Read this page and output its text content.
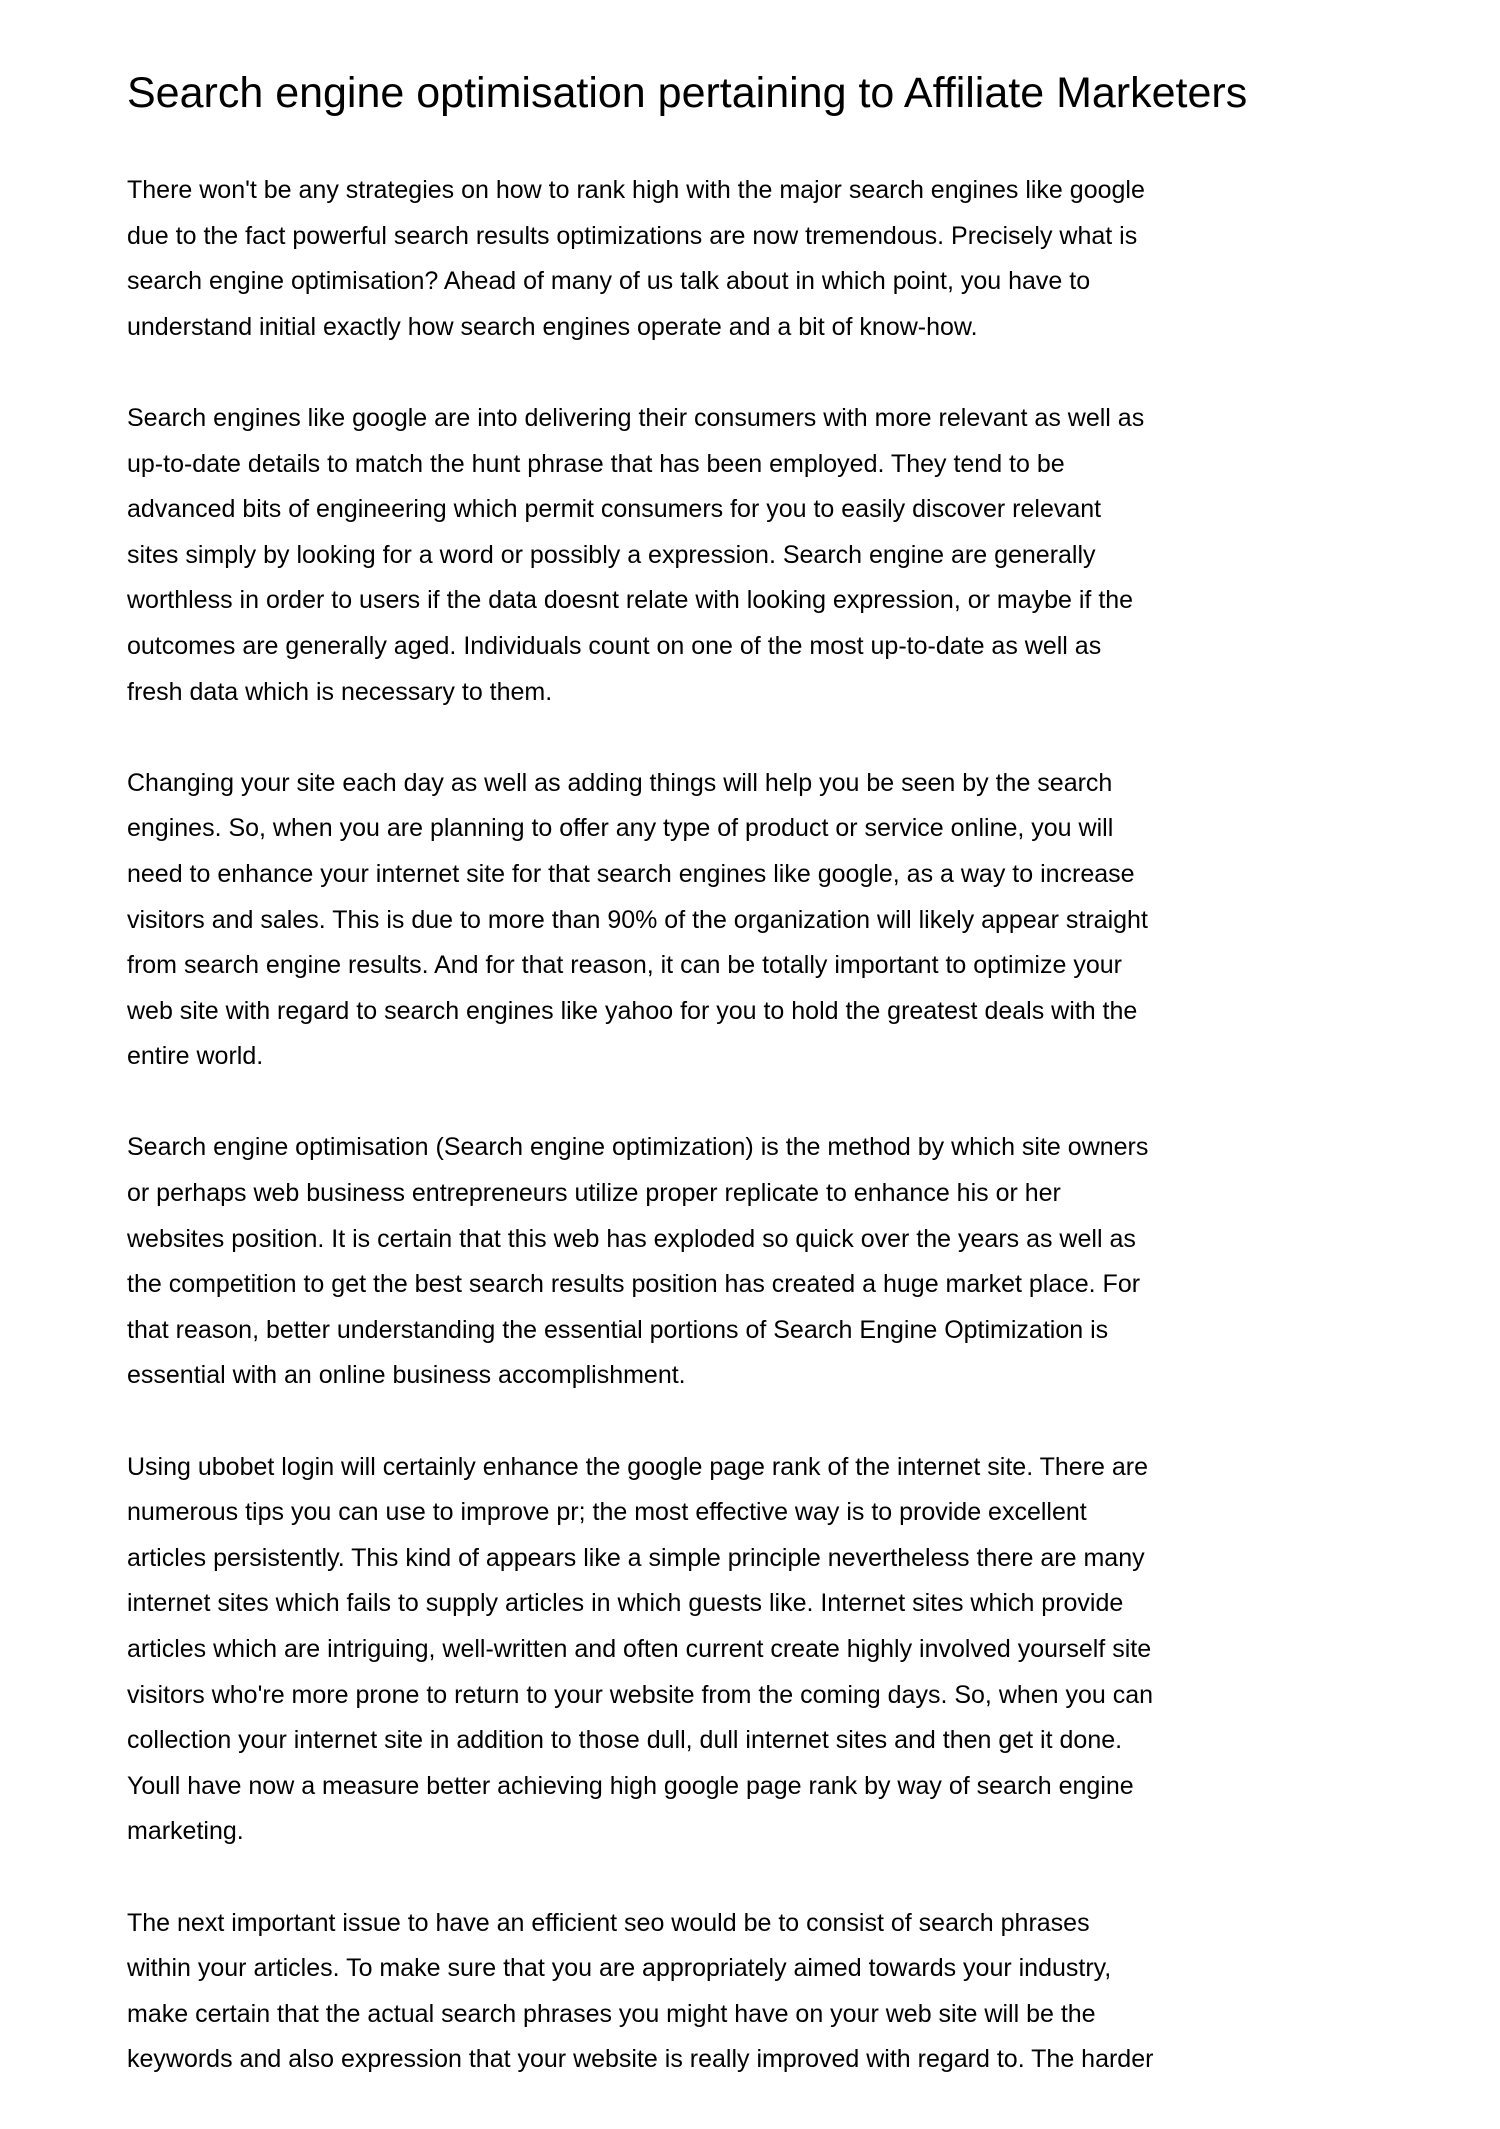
Search engine optimisation pertaining to Affiliate Marketers
There won't be any strategies on how to rank high with the major search engines like google
due to the fact powerful search results optimizations are now tremendous. Precisely what is
search engine optimisation? Ahead of many of us talk about in which point, you have to
understand initial exactly how search engines operate and a bit of know-how.
Search engines like google are into delivering their consumers with more relevant as well as
up-to-date details to match the hunt phrase that has been employed. They tend to be
advanced bits of engineering which permit consumers for you to easily discover relevant
sites simply by looking for a word or possibly a expression. Search engine are generally
worthless in order to users if the data doesnt relate with looking expression, or maybe if the
outcomes are generally aged. Individuals count on one of the most up-to-date as well as
fresh data which is necessary to them.
Changing your site each day as well as adding things will help you be seen by the search
engines. So, when you are planning to offer any type of product or service online, you will
need to enhance your internet site for that search engines like google, as a way to increase
visitors and sales. This is due to more than 90% of the organization will likely appear straight
from search engine results. And for that reason, it can be totally important to optimize your
web site with regard to search engines like yahoo for you to hold the greatest deals with the
entire world.
Search engine optimisation (Search engine optimization) is the method by which site owners
or perhaps web business entrepreneurs utilize proper replicate to enhance his or her
websites position. It is certain that this web has exploded so quick over the years as well as
the competition to get the best search results position has created a huge market place. For
that reason, better understanding the essential portions of Search Engine Optimization is
essential with an online business accomplishment.
Using ubobet login will certainly enhance the google page rank of the internet site. There are
numerous tips you can use to improve pr; the most effective way is to provide excellent
articles persistently. This kind of appears like a simple principle nevertheless there are many
internet sites which fails to supply articles in which guests like. Internet sites which provide
articles which are intriguing, well-written and often current create highly involved yourself site
visitors who're more prone to return to your website from the coming days. So, when you can
collection your internet site in addition to those dull, dull internet sites and then get it done.
Youll have now a measure better achieving high google page rank by way of search engine
marketing.
The next important issue to have an efficient seo would be to consist of search phrases
within your articles. To make sure that you are appropriately aimed towards your industry,
make certain that the actual search phrases you might have on your web site will be the
keywords and also expression that your website is really improved with regard to. The harder
